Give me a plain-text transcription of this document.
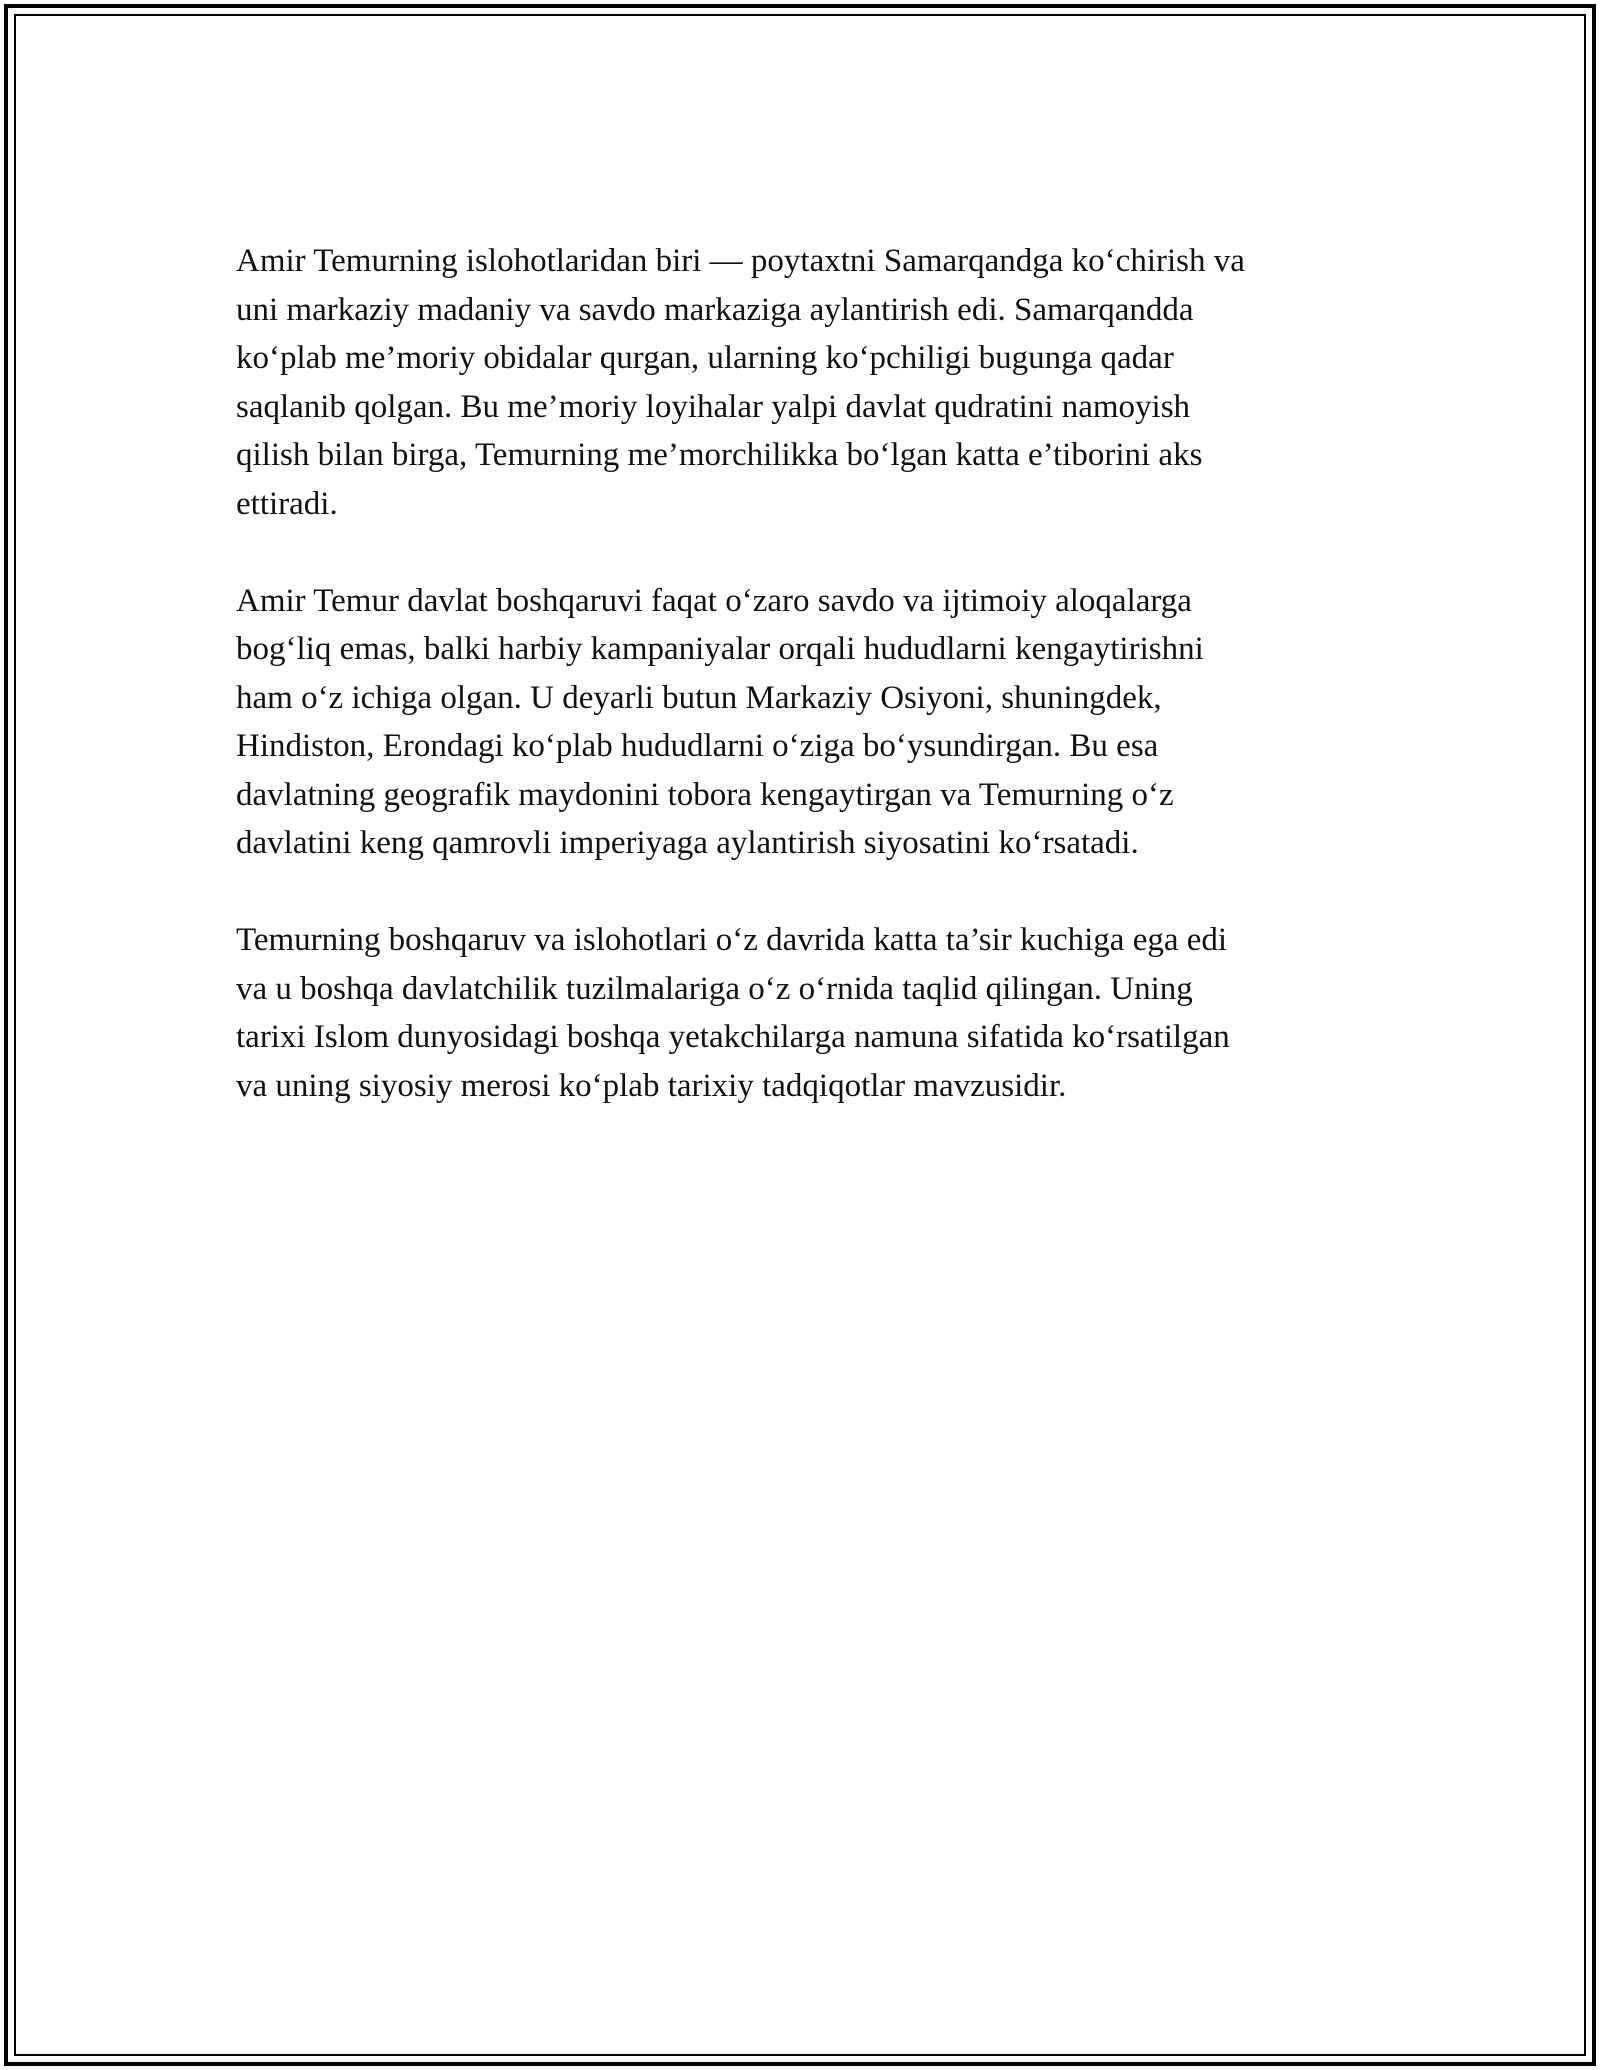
Amir Temurning islohotlaridan biri — poytaxtni Samarqandga koʻchirish va
uni markaziy madaniy va savdo markaziga aylantirish edi. Samarqandda
koʻplab me’moriy obidalar qurgan, ularning koʻpchiligi bugunga qadar
saqlanib qolgan. Bu me’moriy loyihalar yalpi davlat qudratini namoyish
qilish bilan birga, Temurning me’morchilikka boʻlgan katta e’tiborini aks
ettiradi.

Amir Temur davlat boshqaruvi faqat oʻzaro savdo va ijtimoiy aloqalarga
bogʻliq emas, balki harbiy kampaniyalar orqali hududlarni kengaytirishni
ham oʻz ichiga olgan. U deyarli butun Markaziy Osiyoni, shuningdek,
Hindiston, Erondagi koʻplab hududlarni oʻziga boʻysundirgan. Bu esa
davlatning geografik maydonini tobora kengaytirgan va Temurning oʻz
davlatini keng qamrovli imperiyaga aylantirish siyosatini koʻrsatadi.

Temurning boshqaruv va islohotlari oʻz davrida katta ta’sir kuchiga ega edi
va u boshqa davlatchilik tuzilmalariga oʻz oʻrnida taqlid qilingan. Uning
tarixi Islom dunyosidagi boshqa yetakchilarga namuna sifatida koʻrsatilgan
va uning siyosiy merosi koʻplab tarixiy tadqiqotlar mavzusidir.
